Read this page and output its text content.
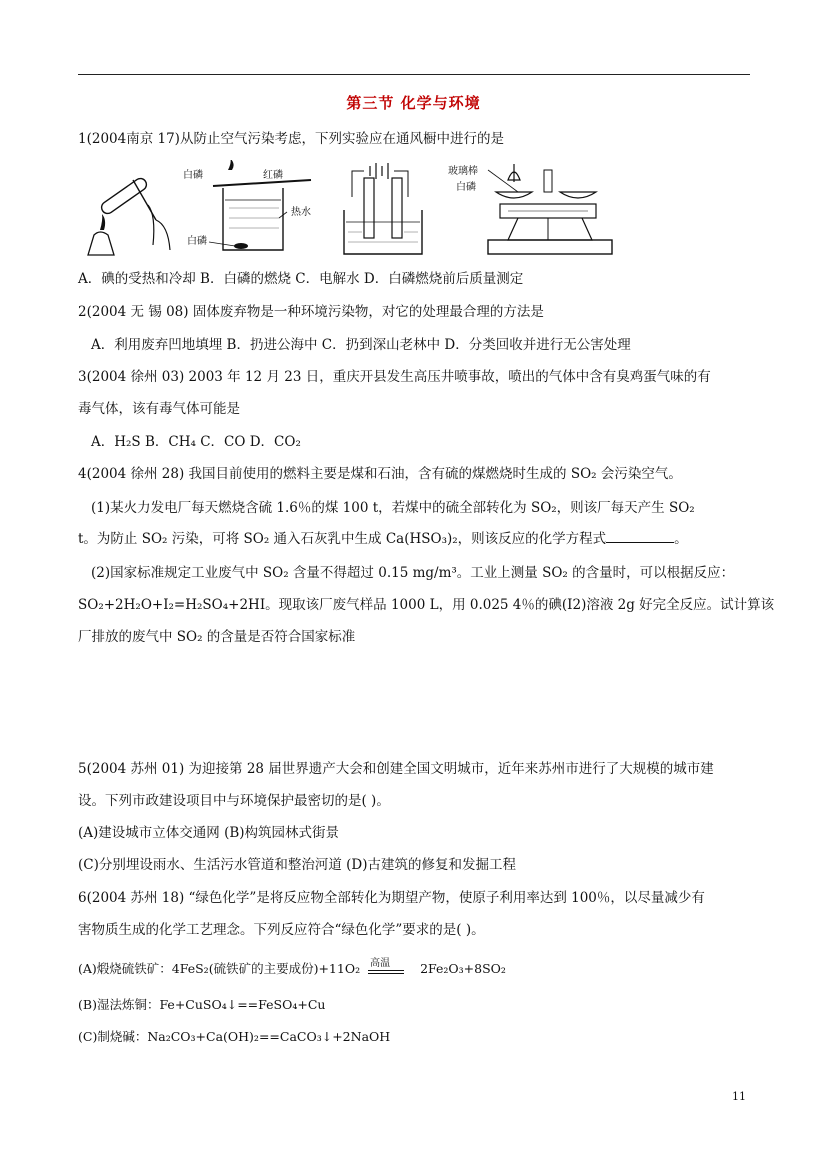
第三节 化学与环境
1(2004南京 17)从防止空气污染考虑，下列实验应在通风橱中进行的是
白磷	红磷
热水
白磷
玻璃棒
白磷
A．碘的受热和冷却 B．白磷的燃烧 C．电解水 D．白磷燃烧前后质量测定
2(2004 无 锡 08) 固体废弃物是一种环境污染物，对它的处理最合理的方法是
A．利用废弃凹地填埋 B．扔进公海中 C．扔到深山老林中 D．分类回收并进行无公害处理
3(2004 徐州 03) 2003 年 12 月 23 日，重庆开县发生高压井喷事故，喷出的气体中含有臭鸡蛋气味的有
毒气体，该有毒气体可能是
A．H₂S B．CH₄ C．CO D．CO₂
4(2004 徐州 28) 我国目前使用的燃料主要是煤和石油，含有硫的煤燃烧时生成的 SO₂ 会污染空气。
(1)某火力发电厂每天燃烧含硫 1.6％的煤 100 t，若煤中的硫全部转化为 SO₂，则该厂每天产生 SO₂
t。为防止 SO₂ 污染，可将 SO₂ 通入石灰乳中生成 Ca(HSO₃)₂，则该反应的化学方程式	。
(2)国家标准规定工业废气中 SO₂ 含量不得超过 0.15 mg/m³。工业上测量 SO₂ 的含量时，可以根据反应：
SO₂+2H₂O+I₂=H₂SO₄+2HI。现取该厂废气样品 1000 L，用 0.025 4％的碘(I2)溶液 2g 好完全反应。试计算该
厂排放的废气中 SO₂ 的含量是否符合国家标准
5(2004 苏州 01) 为迎接第 28 届世界遗产大会和创建全国文明城市，近年来苏州市进行了大规模的城市建
设。下列市政建设项目中与环境保护最密切的是( )。
(A)建设城市立体交通网 (B)构筑园林式街景
(C)分别埋设雨水、生活污水管道和整治河道 (D)古建筑的修复和发掘工程
6(2004 苏州 18) “绿色化学”是将反应物全部转化为期望产物，使原子利用率达到 100％，以尽量减少有
害物质生成的化学工艺理念。下列反应符合“绿色化学”要求的是( )。
(A)煅烧硫铁矿：4FeS₂(硫铁矿的主要成份)+11O₂ 高温 2Fe₂O₃+8SO₂
(B)湿法炼铜：Fe+CuSO₄↓==FeSO₄+Cu
(C)制烧碱：Na₂CO₃+Ca(OH)₂==CaCO₃↓+2NaOH
11
